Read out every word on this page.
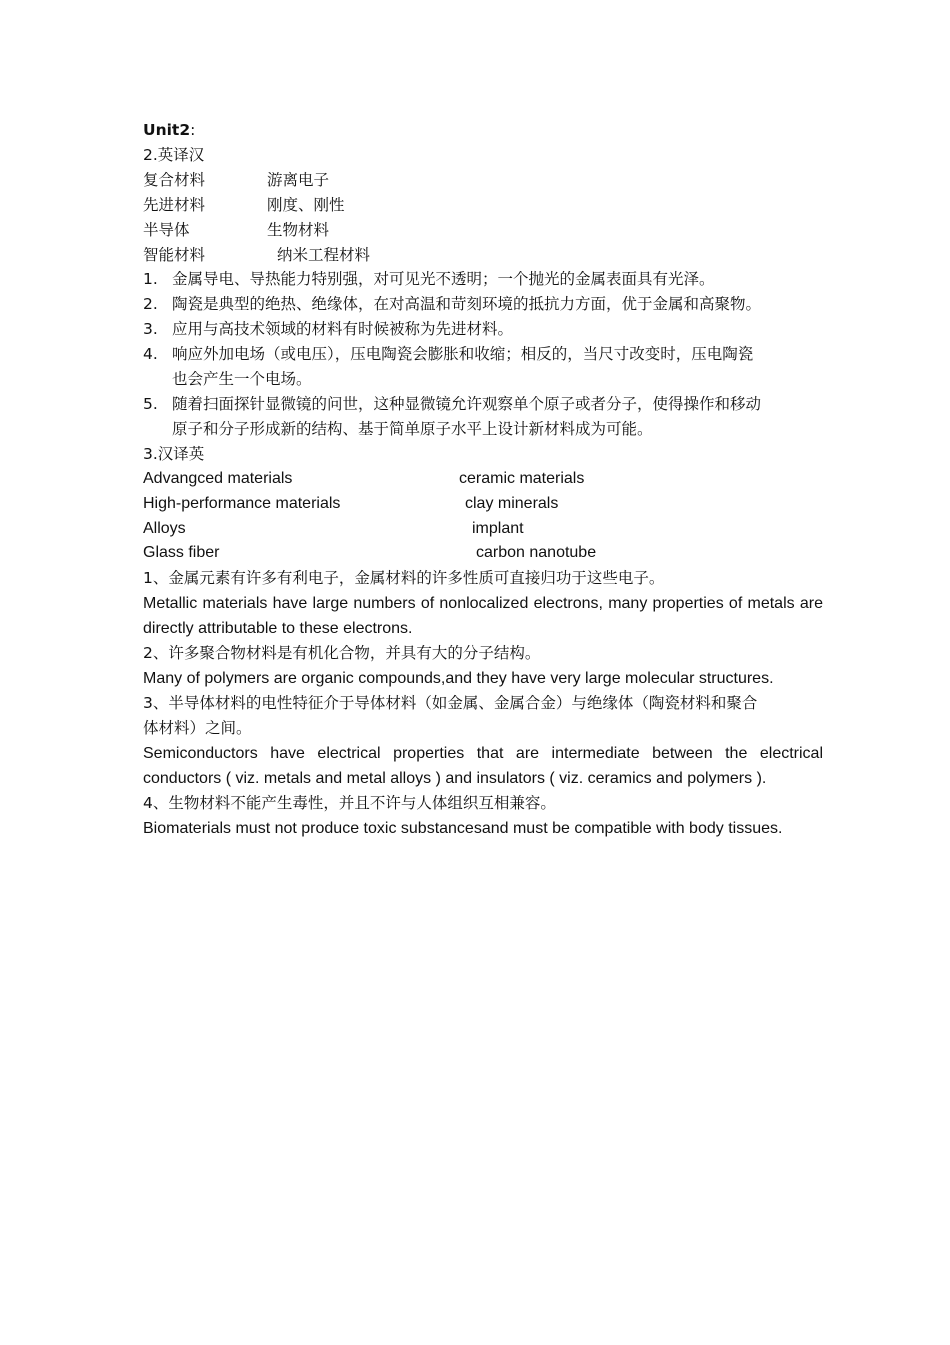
Unit2:
2.英译汉
复合材料	游离电子
先进材料	刚度、刚性
半导体	生物材料
智能材料	纳米工程材料
1. 金属导电、导热能力特别强，对可见光不透明；一个抛光的金属表面具有光泽。
2. 陶瓷是典型的绝热、绝缘体，在对高温和苛刻环境的抵抗力方面，优于金属和高聚物。
3. 应用与高技术领域的材料有时候被称为先进材料。
4. 响应外加电场（或电压），压电陶瓷会膨胀和收缩；相反的，当尺寸改变时，压电陶瓷也会产生一个电场。
5. 随着扫面探针显微镜的问世，这种显微镜允许观察单个原子或者分子，使得操作和移动原子和分子形成新的结构、基于简单原子水平上设计新材料成为可能。
3.汉译英
Advangced materials	ceramic materials
High-performance materials	clay minerals
Alloys	implant
Glass fiber	carbon nanotube
1、金属元素有许多有利电子，金属材料的许多性质可直接归功于这些电子。
Metallic materials have large numbers of nonlocalized electrons, many properties of metals are directly attributable to these electrons.
2、许多聚合物材料是有机化合物，并具有大的分子结构。
Many of polymers are organic compounds,and they have very large molecular structures.
3、半导体材料的电性特征介于导体材料（如金属、金属合金）与绝缘体（陶瓷材料和聚合体材料）之间。
Semiconductors have electrical properties that are intermediate between the electrical conductors ( viz. metals and metal alloys ) and insulators ( viz. ceramics and polymers ).
4、生物材料不能产生毒性，并且不许与人体组织互相兼容。
Biomaterials must not produce toxic substancesand must be compatible with body tissues.
